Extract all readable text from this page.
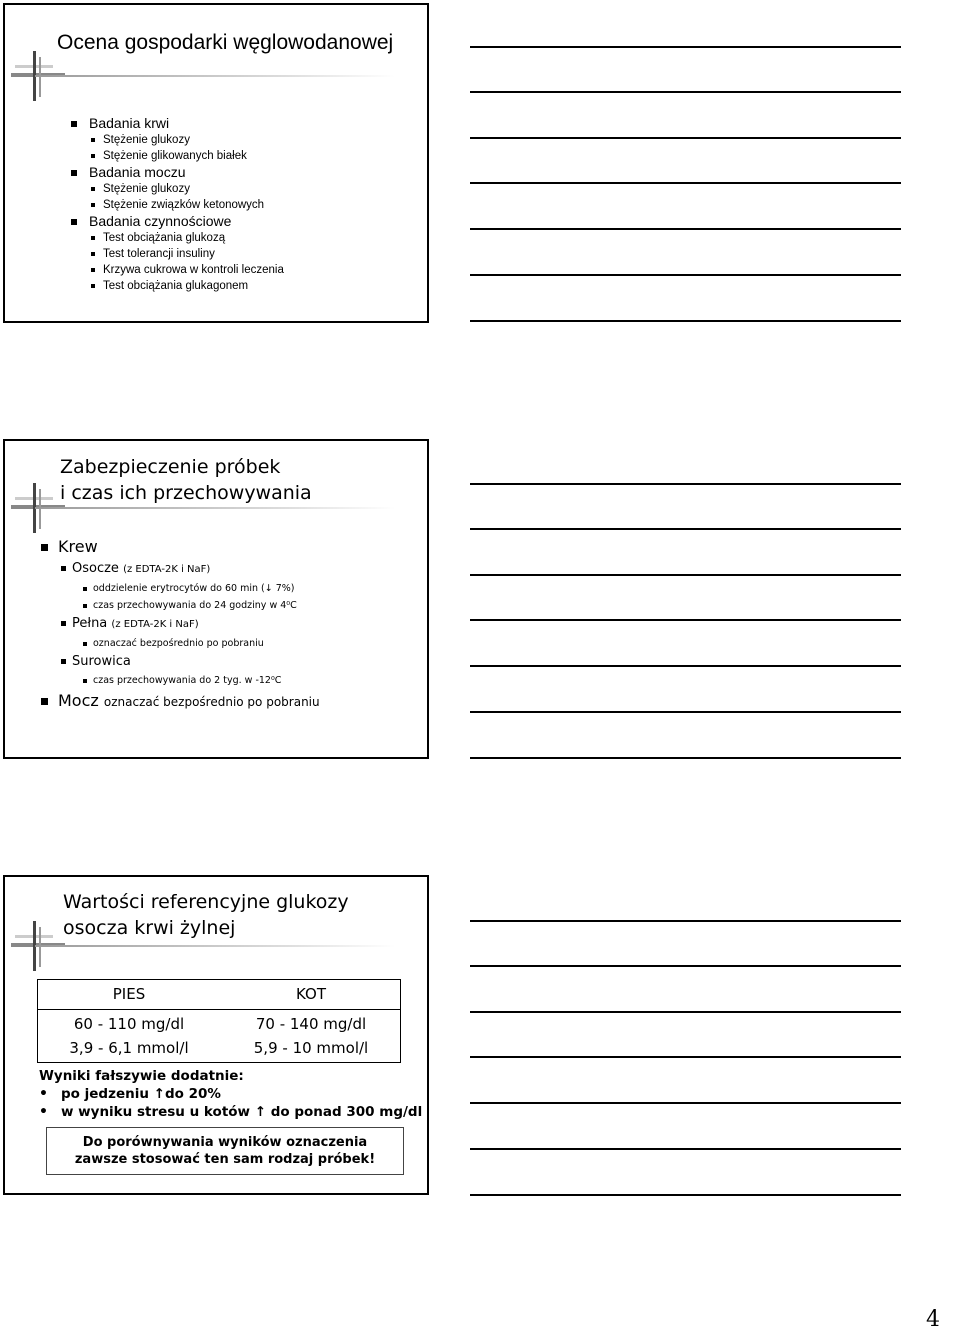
Ocena gospodarki węglowodanowej
Badania krwi
Stężenie glukozy
Stężenie glikowanych białek
Badania moczu
Stężenie glukozy
Stężenie związków ketonowych
Badania czynnościowe
Test obciążania glukozą
Test tolerancji insuliny
Krzywa cukrowa w kontroli leczenia
Test obciążania glukagonem
Zabezpieczenie próbek
i czas ich przechowywania
Krew
Osocze (z EDTA-2K i NaF)
oddzielenie erytrocytów do 60 min (↓ 7%)
czas przechowywania do 24 godziny w 4⁰C
Pełna (z EDTA-2K i NaF)
oznaczać bezpośrednio po pobraniu
Surowica
czas przechowywania do 2 tyg. w -12⁰C
Mocz oznaczać bezpośrednio po pobraniu
Wartości referencyjne glukozy
osocza krwi żylnej
PIES	KOT
60 - 110 mg/dl	70 - 140 mg/dl
3,9 - 6,1 mmol/l	5,9 - 10 mmol/l
Wyniki fałszywie dodatnie:
• po jedzeniu ↑do 20%
• w wyniku stresu u kotów ↑ do ponad 300 mg/dl
Do porównywania wyników oznaczenia
zawsze stosować ten sam rodzaj próbek!
4
